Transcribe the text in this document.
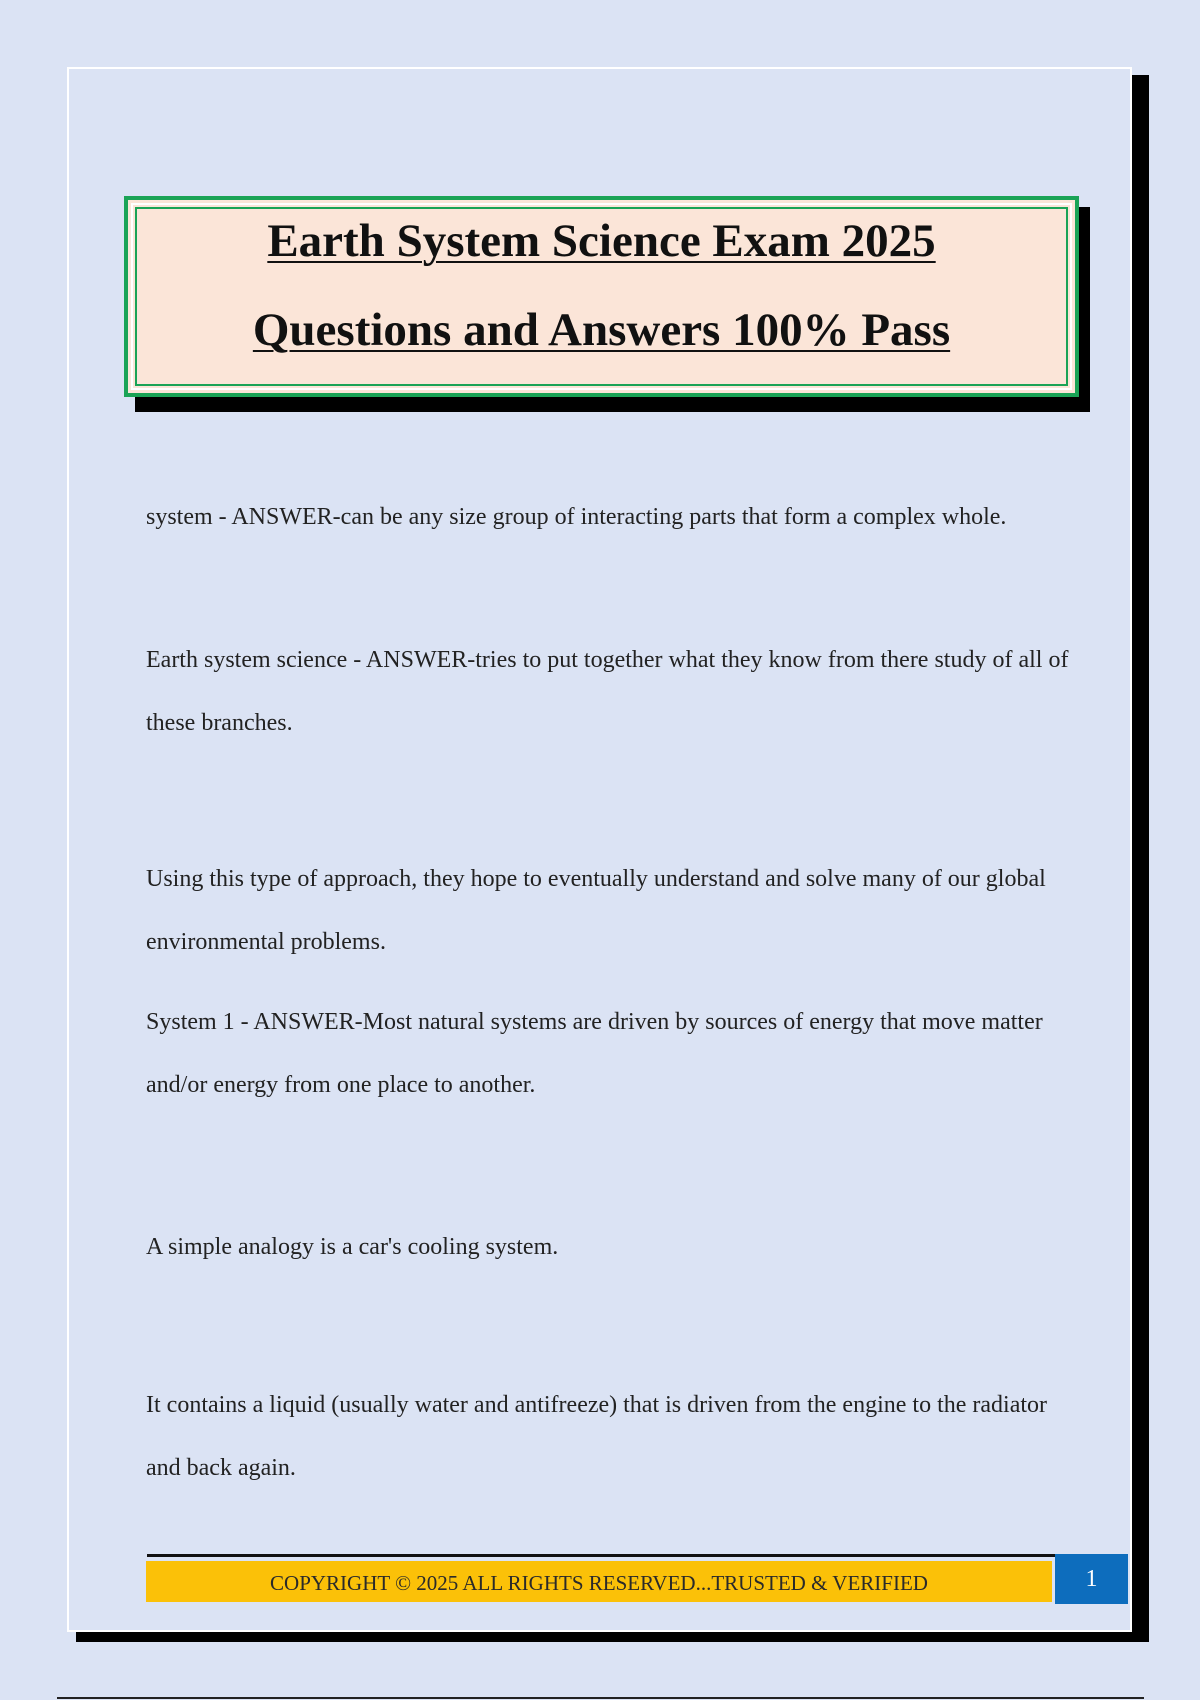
Earth System Science Exam 2025
Questions and Answers 100% Pass

system - ANSWER-can be any size group of interacting parts that form a complex whole.

Earth system science - ANSWER-tries to put together what they know from there study of all of these branches.

Using this type of approach, they hope to eventually understand and solve many of our global environmental problems.

System 1 - ANSWER-Most natural systems are driven by sources of energy that move matter and/or energy from one place to another.

A simple analogy is a car's cooling system.

It contains a liquid (usually water and antifreeze) that is driven from the engine to the radiator and back again.

COPYRIGHT © 2025 ALL RIGHTS RESERVED...TRUSTED & VERIFIED	1
